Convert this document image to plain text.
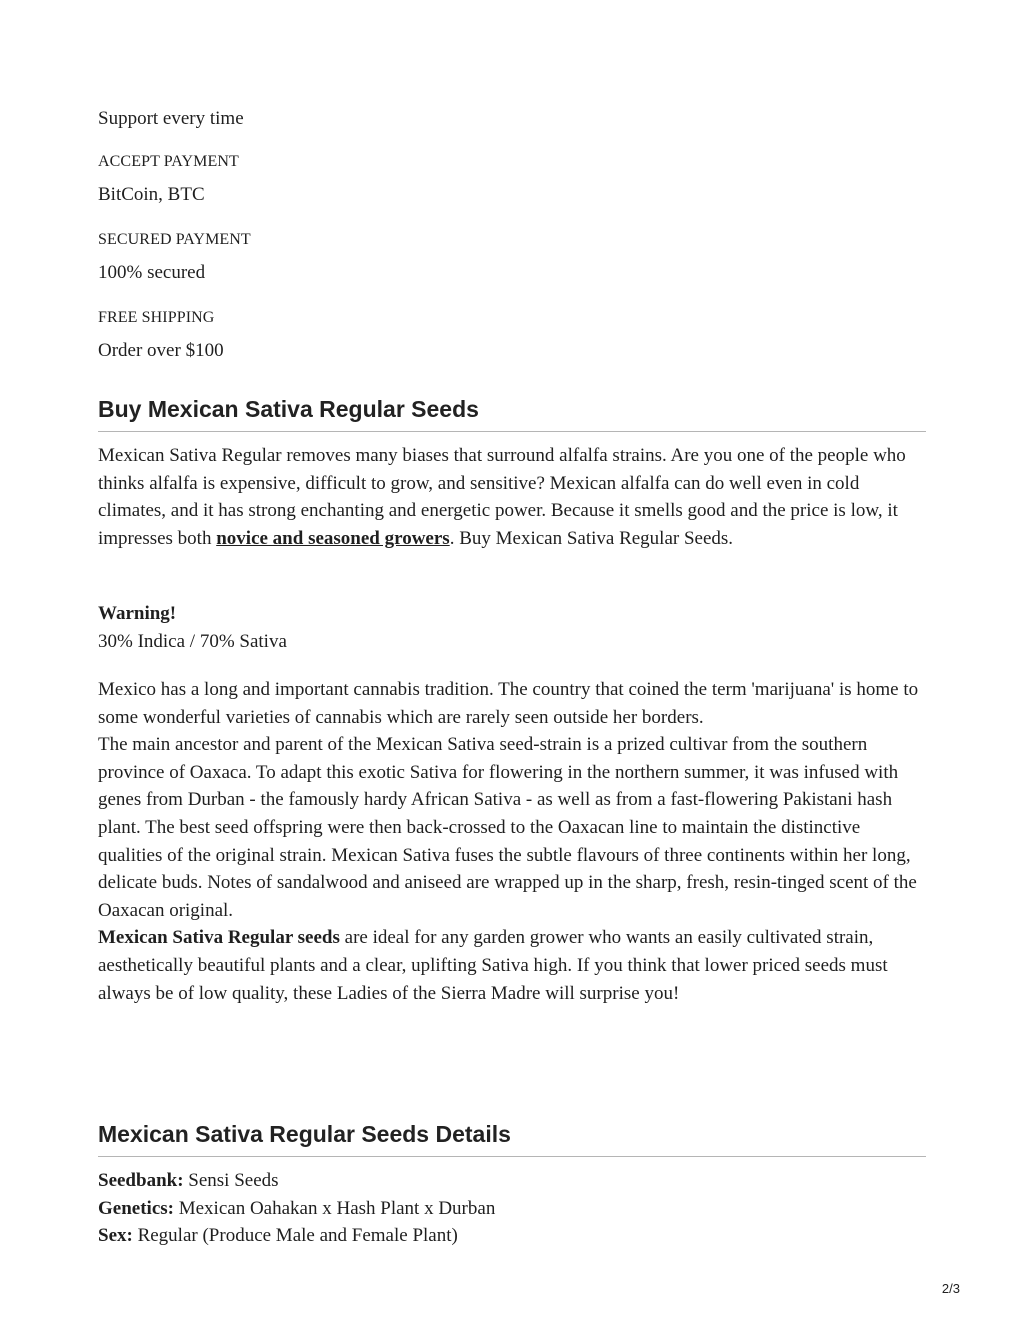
Support every time
ACCEPT PAYMENT
BitCoin, BTC
SECURED PAYMENT
100% secured
FREE SHIPPING
Order over $100
Buy Mexican Sativa Regular Seeds

Mexican Sativa Regular removes many biases that surround alfalfa strains. Are you one of the people who thinks alfalfa is expensive, difficult to grow, and sensitive? Mexican alfalfa can do well even in cold climates, and it has strong enchanting and energetic power. Because it smells good and the price is low, it impresses both novice and seasoned growers. Buy Mexican Sativa Regular Seeds.

Warning!
30% Indica / 70% Sativa

Mexico has a long and important cannabis tradition. The country that coined the term 'marijuana' is home to some wonderful varieties of cannabis which are rarely seen outside her borders.
The main ancestor and parent of the Mexican Sativa seed-strain is a prized cultivar from the southern province of Oaxaca. To adapt this exotic Sativa for flowering in the northern summer, it was infused with genes from Durban - the famously hardy African Sativa - as well as from a fast-flowering Pakistani hash plant. The best seed offspring were then back-crossed to the Oaxacan line to maintain the distinctive qualities of the original strain. Mexican Sativa fuses the subtle flavours of three continents within her long, delicate buds. Notes of sandalwood and aniseed are wrapped up in the sharp, fresh, resin-tinged scent of the Oaxacan original.
Mexican Sativa Regular seeds are ideal for any garden grower who wants an easily cultivated strain, aesthetically beautiful plants and a clear, uplifting Sativa high. If you think that lower priced seeds must always be of low quality, these Ladies of the Sierra Madre will surprise you!

Mexican Sativa Regular Seeds Details

Seedbank: Sensi Seeds
Genetics: Mexican Oahakan x Hash Plant x Durban
Sex: Regular (Produce Male and Female Plant)

2/3
